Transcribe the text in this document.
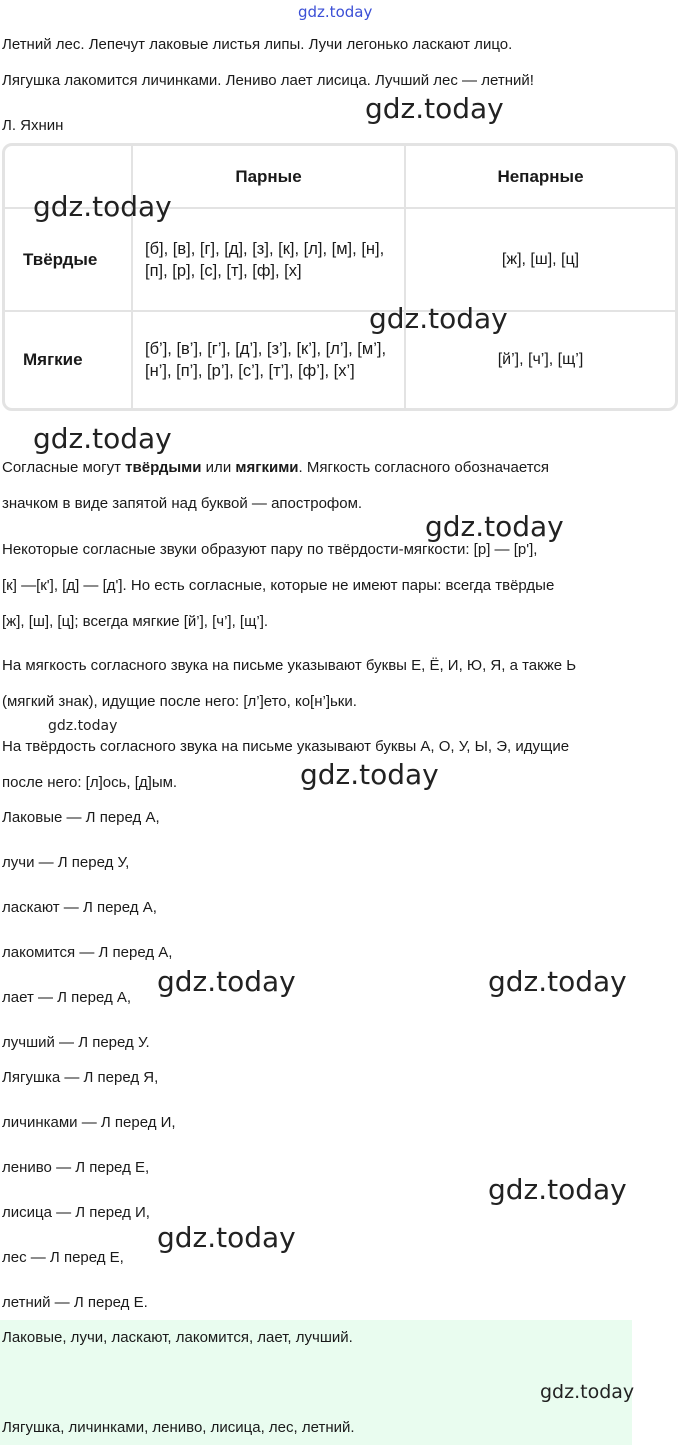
gdz.today
Летний лес. Лепечут лаковые листья липы. Лучи легонько ласкают лицо.
Лягушка лакомится личинками. Лениво лает лисица. Лучший лес — летний!
Л. Яхнин
Парные	Непарные
Твёрдые
[б], [в], [г], [д], [з], [к], [л], [м], [н], [п], [р], [с], [т], [ф], [х]
[ж], [ш], [ц]
Мягкие
[б’], [в’], [г’], [д’], [з’], [к’], [л’], [м’], [н’], [п’], [р’], [с’], [т’], [ф’], [х’]
[й’], [ч’], [щ’]
Согласные могут твёрдыми или мягкими. Мягкость согласного обозначается
значком в виде запятой над буквой — апострофом.
Некоторые согласные звуки образуют пару по твёрдости-мягкости: [р] — [р'],
[к] —[к'], [д] — [д']. Но есть согласные, которые не имеют пары: всегда твёрдые
[ж], [ш], [ц]; всегда мягкие [й’], [ч’], [щ’].
На мягкость согласного звука на письме указывают буквы Е, Ё, И, Ю, Я, а также Ь
(мягкий знак), идущие после него: [л’]ето, ко[н’]ьки.
На твёрдость согласного звука на письме указывают буквы А, О, У, Ы, Э, идущие
после него: [л]ось, [д]ым.
Лаковые — Л перед А,
лучи — Л перед У,
ласкают — Л перед А,
лакомится — Л перед А,
лает — Л перед А,
лучший — Л перед У.
Лягушка — Л перед Я,
личинками — Л перед И,
лениво — Л перед Е,
лисица — Л перед И,
лес — Л перед Е,
летний — Л перед Е.
Лаковые, лучи, ласкают, лакомится, лает, лучший.
Лягушка, личинками, лениво, лисица, лес, летний.
gdz.today
gdz.today
gdz.today
gdz.today
gdz.today
gdz.today
gdz.today
gdz.today	gdz.today
gdz.today
gdz.today
gdz.today
